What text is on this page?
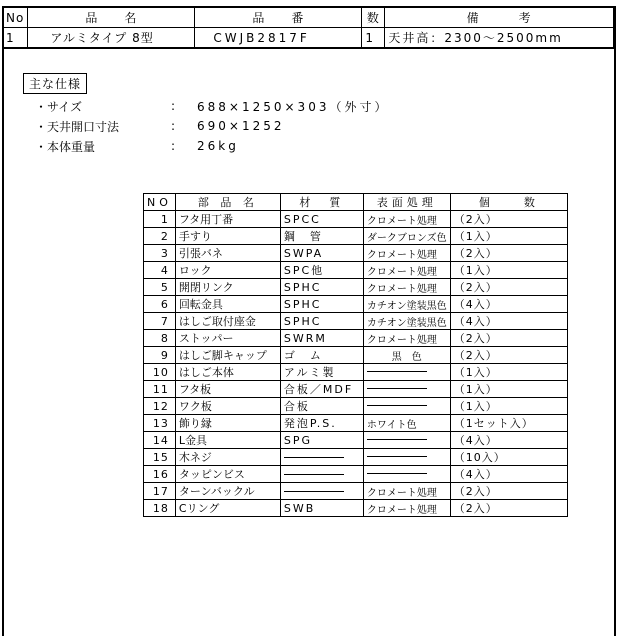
No	品　　名	品　　番	数	備　　　考
1	アルミタイプ 8型	CWJB2817F	1	天井高：2300〜2500mm
主な仕様
・サイズ	:	688×1250×303（外寸）
・天井開口寸法	:	690×1252
・本体重量	:	26kg
NO	部 品 名	材　質	表面処理	個　　数
1	フタ用丁番	SPCC	クロメート処理	（2入）
2	手すり	鋼　管	ダークブロンズ色	（1入）
3	引張バネ	SWPA	クロメート処理	（2入）
4	ロック	SPC他	クロメート処理	（1入）
5	開閉リンク	SPHC	クロメート処理	（2入）
6	回転金具	SPHC	カチオン塗装黒色	（4入）
7	はしご取付座金	SPHC	カチオン塗装黒色	（4入）
8	ストッパー	SWRM	クロメート処理	（2入）
9	はしご脚キャップ	ゴ　ム	黒　色	（2入）
10	はしご本体	アルミ製		（1入）
11	フタ板	合板／MDF		（1入）
12	ワク板	合板		（1入）
13	飾り縁	発泡P.S.	ホワイト色	（1セット入）
14	L金具	SPG		（4入）
15	木ネジ			（10入）
16	タッピンビス			（4入）
17	ターンバックル		クロメート処理	（2入）
18	Cリング	SWB	クロメート処理	（2入）
